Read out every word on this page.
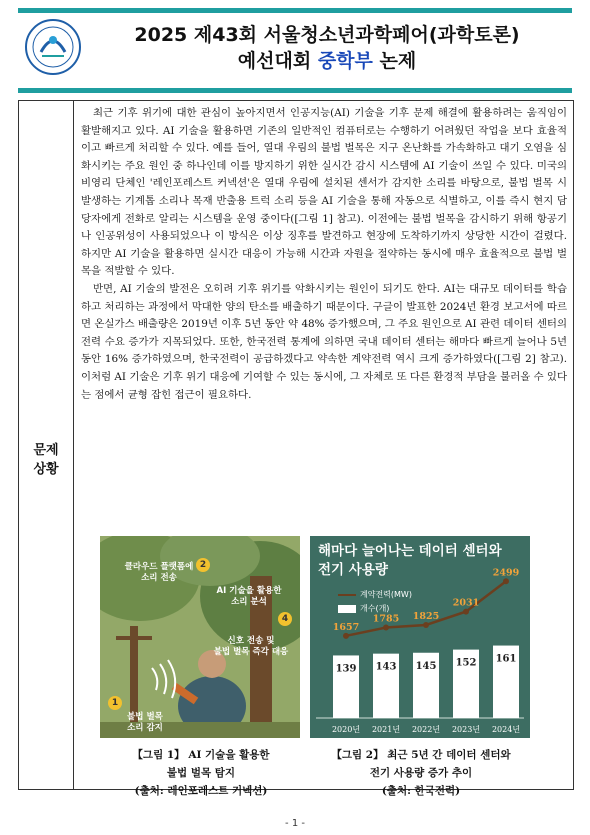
2025 제43회 서울청소년과학페어(과학토론)
예선대회 중학부 논제
문제
상황

최근 기후 위기에 대한 관심이 높아지면서 인공지능(AI) 기술을 기후 문제 해결에 활용하려는 움직임이 활발해지고 있다. AI 기술을 활용하면 기존의 일반적인 컴퓨터로는 수행하기 어려웠던 작업을 보다 효율적이고 빠르게 처리할 수 있다. 예를 들어, 열대 우림의 불법 벌목은 지구 온난화를 가속화하고 대기 오염을 심화시키는 주요 원인 중 하나인데 이를 방지하기 위한 실시간 감시 시스템에 AI 기술이 쓰일 수 있다. 미국의 비영리 단체인 '레인포레스트 커넥션'은 열대 우림에 설치된 센서가 감지한 소리를 바탕으로, 불법 벌목 시 발생하는 기계톱 소리나 목재 반출용 트럭 소리 등을 AI 기술을 통해 자동으로 식별하고, 이를 즉시 현지 담당자에게 전화로 알리는 시스템을 운영 중이다([그림 1] 참고). 이전에는 불법 벌목을 감시하기 위해 항공기나 인공위성이 사용되었으나 이 방식은 이상 징후를 발견하고 현장에 도착하기까지 상당한 시간이 걸렸다. 하지만 AI 기술을 활용하면 실시간 대응이 가능해 시간과 자원을 절약하는 동시에 매우 효율적으로 불법 벌목을 적발할 수 있다.

반면, AI 기술의 발전은 오히려 기후 위기를 악화시키는 원인이 되기도 한다. AI는 대규모 데이터를 학습하고 처리하는 과정에서 막대한 양의 탄소를 배출하기 때문이다. 구글이 발표한 2024년 환경 보고서에 따르면 온실가스 배출량은 2019년 이후 5년 동안 약 48% 증가했으며, 그 주요 원인으로 AI 관련 데이터 센터의 전력 수요 증가가 지목되었다. 또한, 한국전력 통계에 의하면 국내 데이터 센터는 해마다 빠르게 늘어나 5년 동안 16% 증가하였으며, 한국전력이 공급하겠다고 약속한 계약전력 역시 크게 증가하였다([그림 2] 참고). 이처럼 AI 기술은 기후 위기 대응에 기여할 수 있는 동시에, 그 자체로 또 다른 환경적 부담을 불러올 수 있다는 점에서 균형 잡힌 접근이 필요하다.

2
클라우드 플랫폼에
소리 전송
AI 기술을 활용한
소리 분석
4
신호 전송 및
불법 벌목 즉각 대응
1
불법 벌목
소리 감지
해마다 늘어나는 데이터 센터와 전기 사용량
계약전력(MW)
개수(개)
139
2020년
143
2021년
145
2022년
152
2023년
161
2024년
1657
1785 1825
2031
2499
【그림 1】 AI 기술을 활용한
불법 벌목 탐지
(출처: 레인포레스트 커넥션)
【그림 2】 최근 5년 간 데이터 센터와
전기 사용량 증가 추이
(출처: 한국전력)
- 1 -
